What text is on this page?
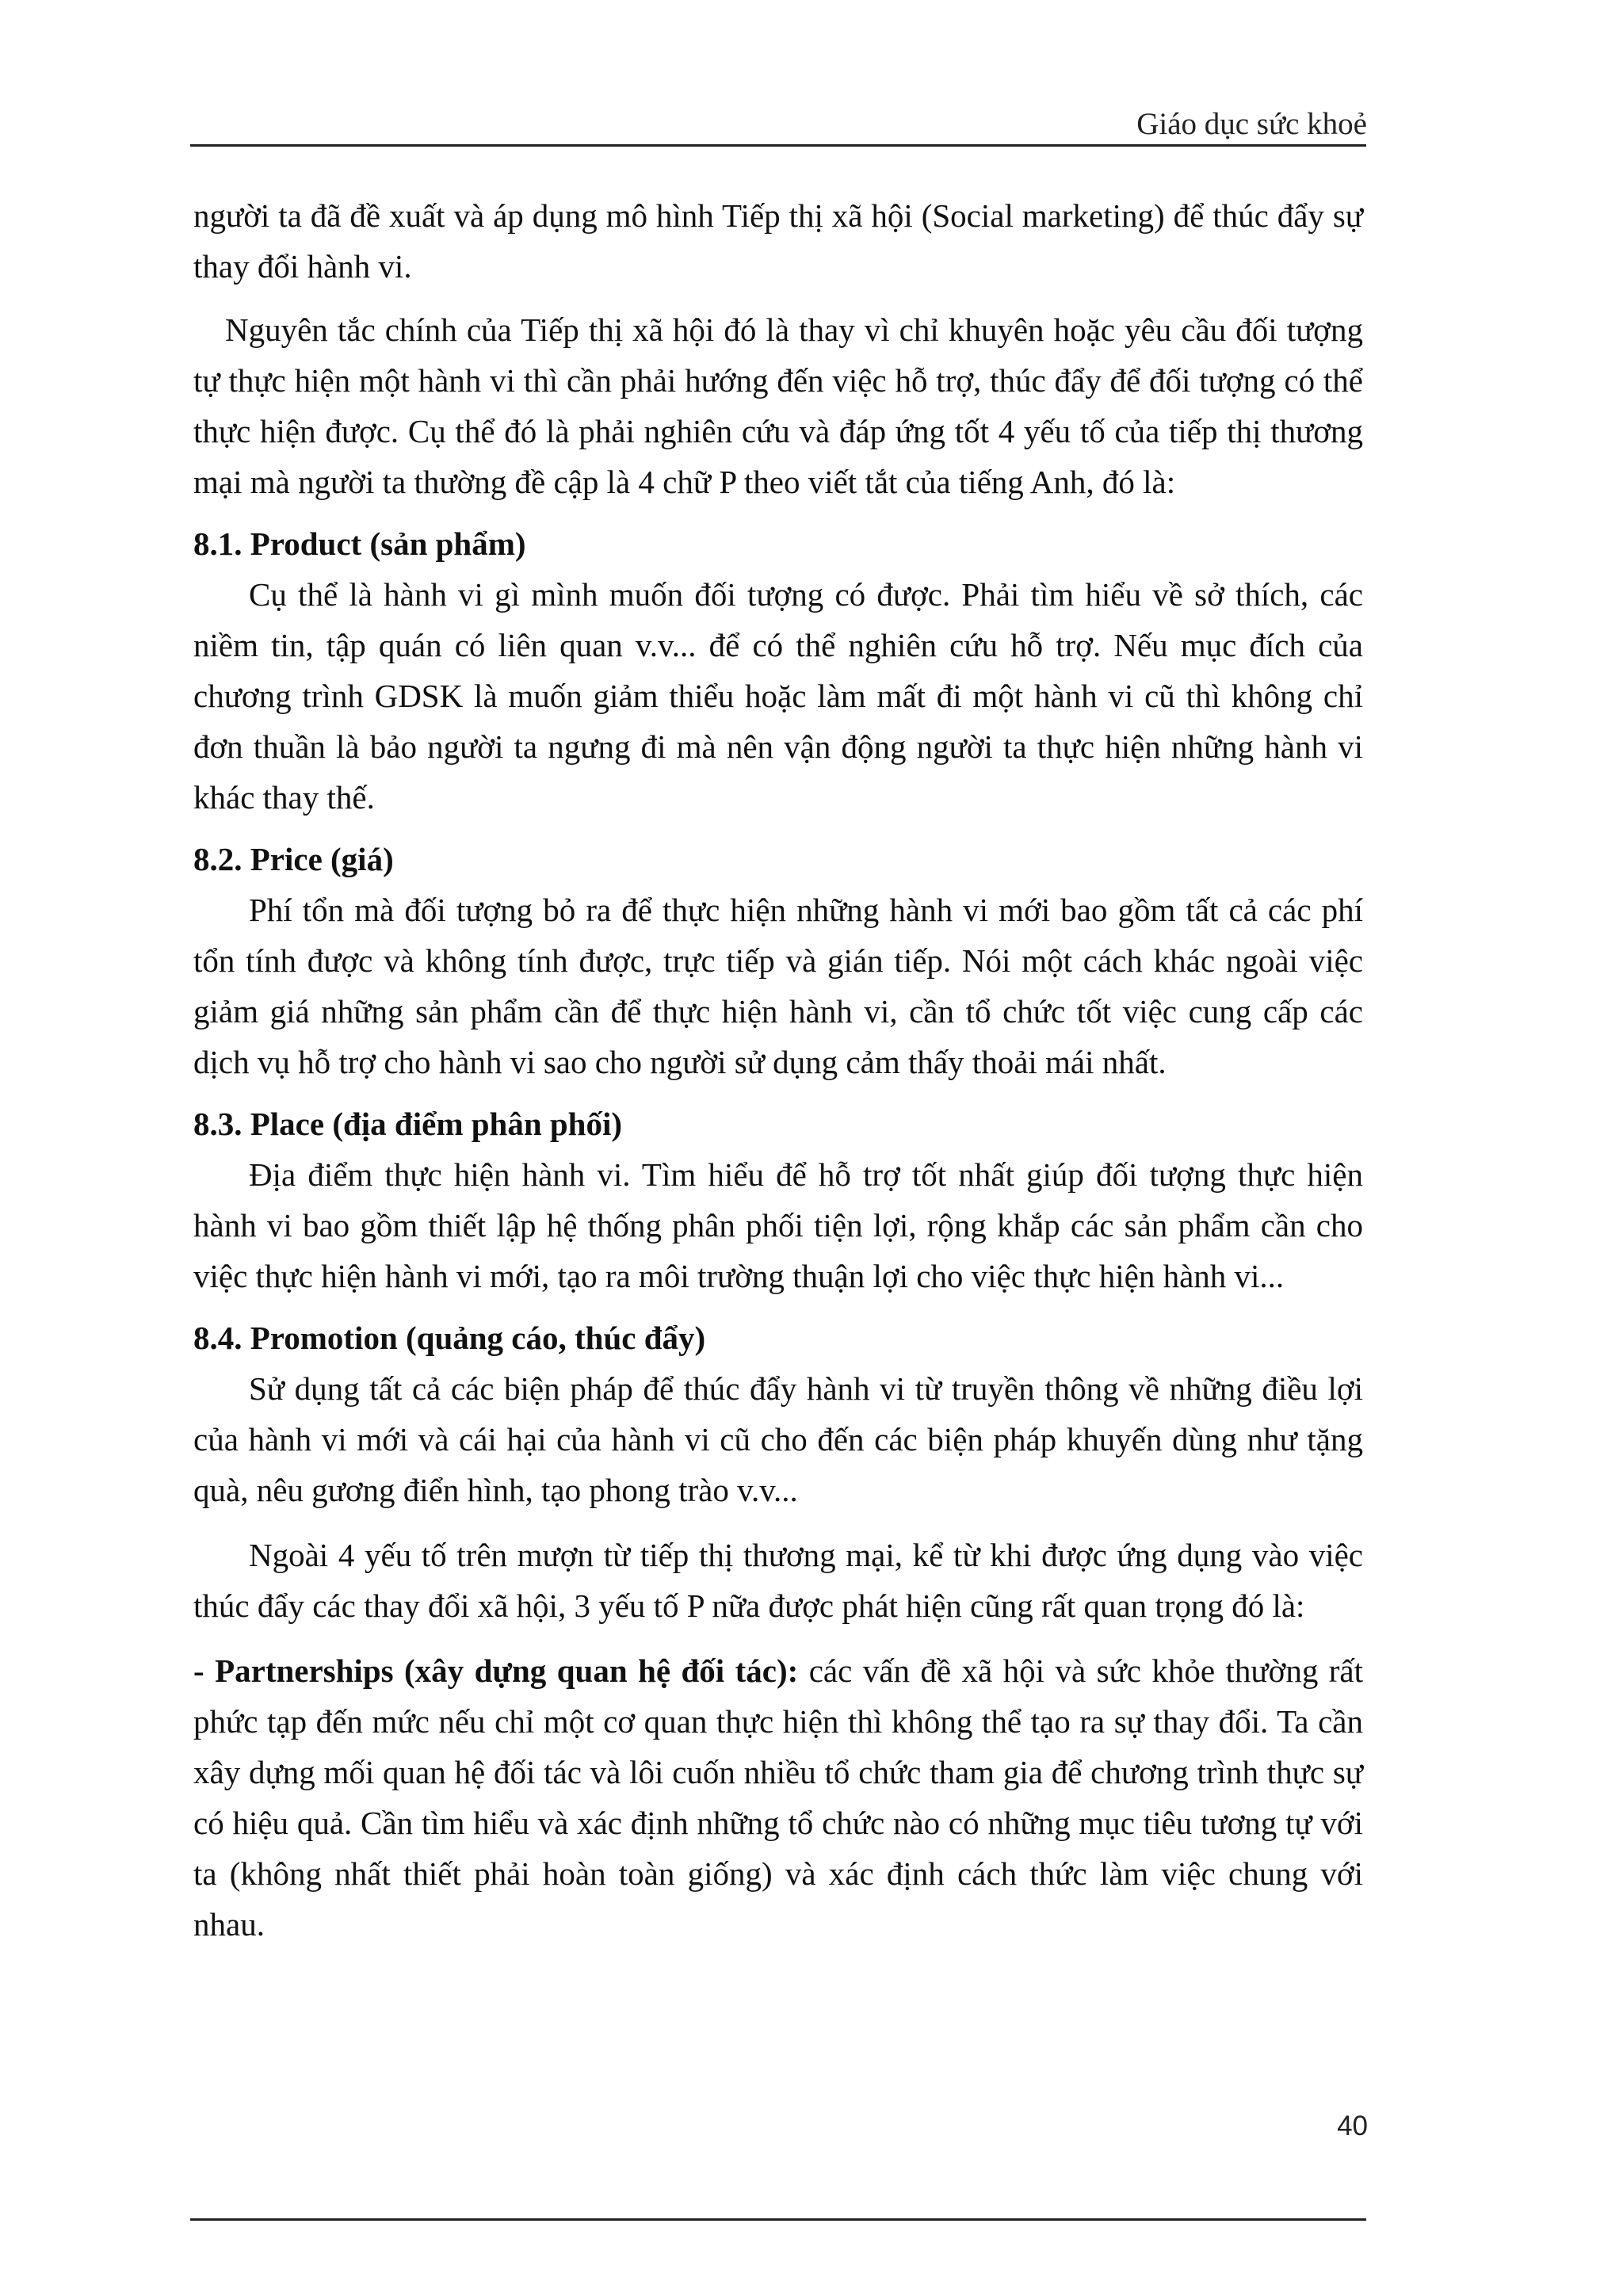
Giáo dục sức khoẻ

người ta đã đề xuất và áp dụng mô hình Tiếp thị xã hội (Social marketing) để thúc đẩy sự thay đổi hành vi.

Nguyên tắc chính của Tiếp thị xã hội đó là thay vì chỉ khuyên hoặc yêu cầu đối tượng tự thực hiện một hành vi thì cần phải hướng đến việc hỗ trợ, thúc đẩy để đối tượng có thể thực hiện được. Cụ thể đó là phải nghiên cứu và đáp ứng tốt 4 yếu tố của tiếp thị thương mại mà người ta thường đề cập là 4 chữ P theo viết tắt của tiếng Anh, đó là:

8.1. Product (sản phẩm)

Cụ thể là hành vi gì mình muốn đối tượng có được. Phải tìm hiểu về sở thích, các niềm tin, tập quán có liên quan v.v... để có thể nghiên cứu hỗ trợ. Nếu mục đích của chương trình GDSK là muốn giảm thiểu hoặc làm mất đi một hành vi cũ thì không chỉ đơn thuần là bảo người ta ngưng đi mà nên vận động người ta thực hiện những hành vi khác thay thế.

8.2. Price (giá)

Phí tổn mà đối tượng bỏ ra để thực hiện những hành vi mới bao gồm tất cả các phí tổn tính được và không tính được, trực tiếp và gián tiếp. Nói một cách khác ngoài việc giảm giá những sản phẩm cần để thực hiện hành vi, cần tổ chức tốt việc cung cấp các dịch vụ hỗ trợ cho hành vi sao cho người sử dụng cảm thấy thoải mái nhất.

8.3. Place (địa điểm phân phối)

Địa điểm thực hiện hành vi. Tìm hiểu để hỗ trợ tốt nhất giúp đối tượng thực hiện hành vi bao gồm thiết lập hệ thống phân phối tiện lợi, rộng khắp các sản phẩm cần cho việc thực hiện hành vi mới, tạo ra môi trường thuận lợi cho việc thực hiện hành vi...

8.4. Promotion (quảng cáo, thúc đẩy)

Sử dụng tất cả các biện pháp để thúc đẩy hành vi từ truyền thông về những điều lợi của hành vi mới và cái hại của hành vi cũ cho đến các biện pháp khuyến dùng như tặng quà, nêu gương điển hình, tạo phong trào v.v...

Ngoài 4 yếu tố trên mượn từ tiếp thị thương mại, kể từ khi được ứng dụng vào việc thúc đẩy các thay đổi xã hội, 3 yếu tố P nữa được phát hiện cũng rất quan trọng đó là:

- Partnerships (xây dựng quan hệ đối tác): các vấn đề xã hội và sức khỏe thường rất phức tạp đến mức nếu chỉ một cơ quan thực hiện thì không thể tạo ra sự thay đổi. Ta cần xây dựng mối quan hệ đối tác và lôi cuốn nhiều tổ chức tham gia để chương trình thực sự có hiệu quả. Cần tìm hiểu và xác định những tổ chức nào có những mục tiêu tương tự với ta (không nhất thiết phải hoàn toàn giống) và xác định cách thức làm việc chung với nhau.

40
